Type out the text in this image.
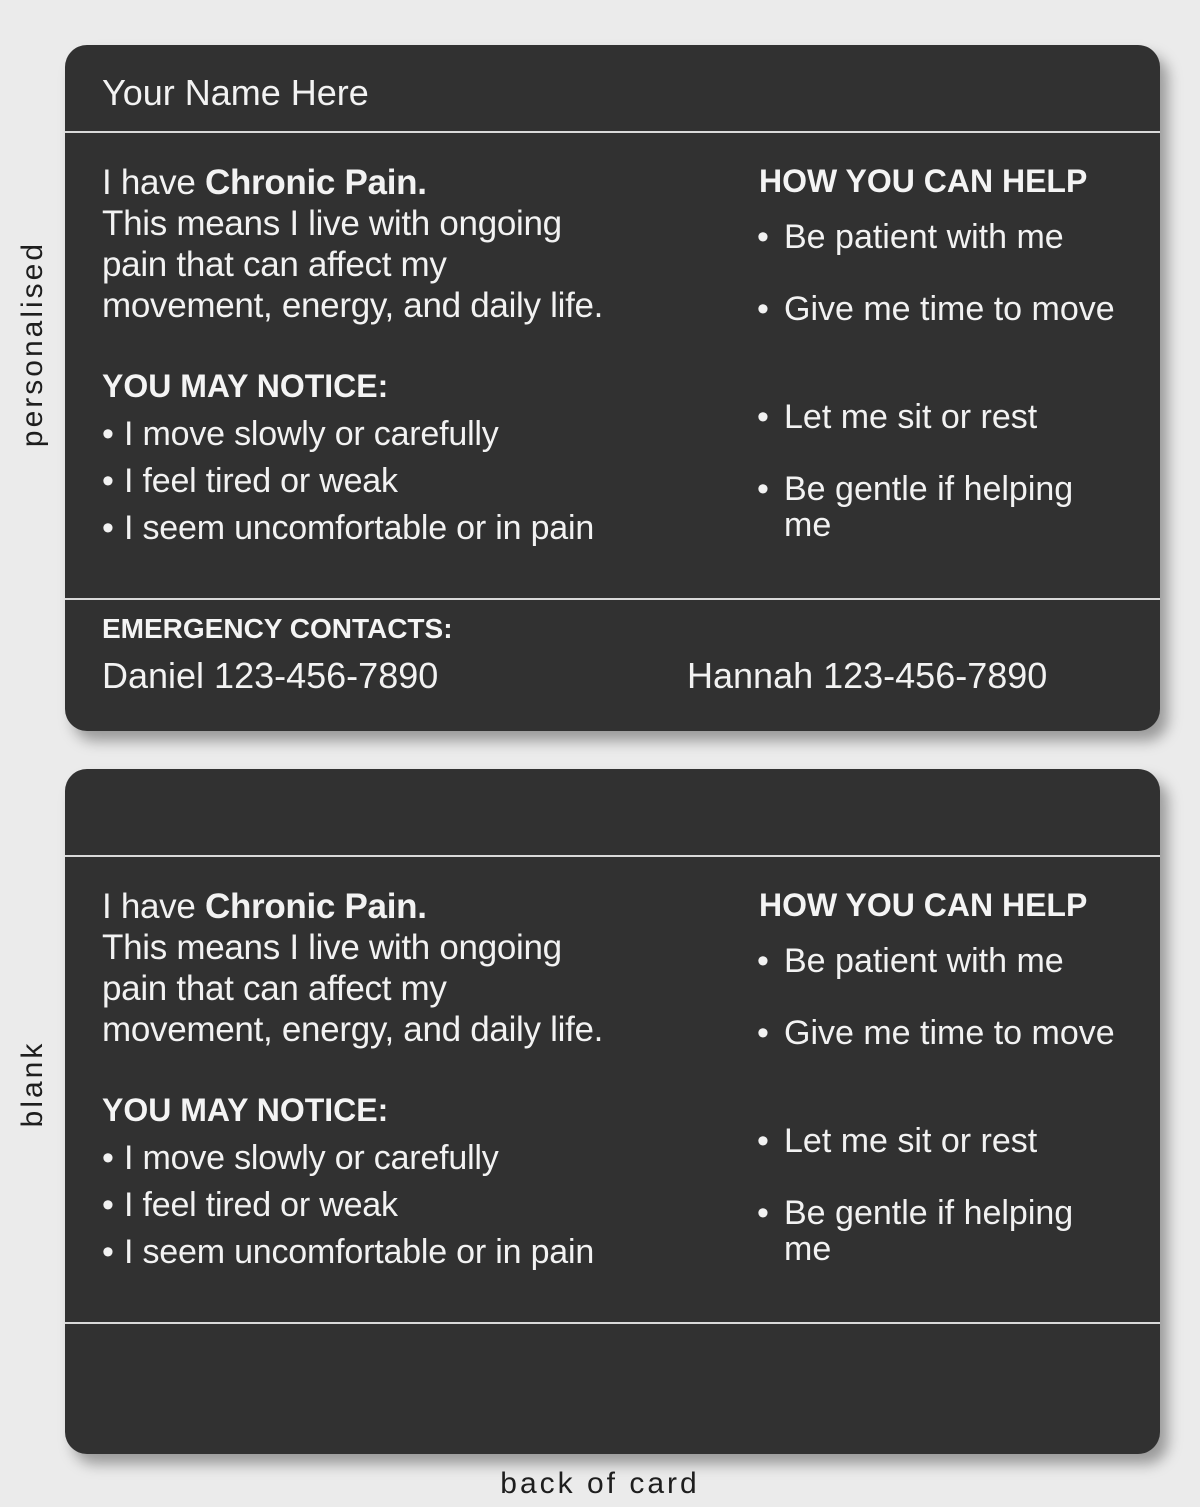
personalised
blank
Your Name Here
I have Chronic Pain.
This means I live with ongoing
pain that can affect my
movement, energy, and daily life.
YOU MAY NOTICE:
• I move slowly or carefully
• I feel tired or weak
• I seem uncomfortable or in pain
HOW YOU CAN HELP
• Be patient with me
• Give me time to move
• Let me sit or rest
• Be gentle if helping me
EMERGENCY CONTACTS:
Daniel 123-456-7890	Hannah 123-456-7890
I have Chronic Pain.
This means I live with ongoing
pain that can affect my
movement, energy, and daily life.
YOU MAY NOTICE:
• I move slowly or carefully
• I feel tired or weak
• I seem uncomfortable or in pain
HOW YOU CAN HELP
• Be patient with me
• Give me time to move
• Let me sit or rest
• Be gentle if helping me
back of card
